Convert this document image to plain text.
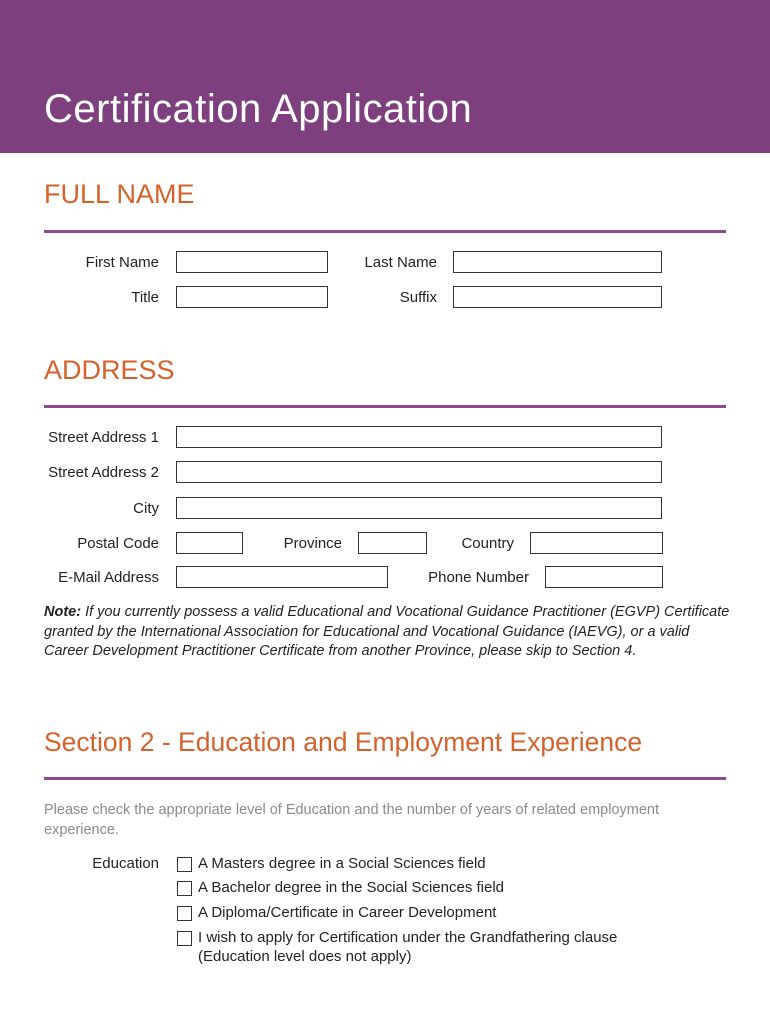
Certification Application
FULL NAME
First Name	Last Name
Title	Suffix
ADDRESS
Street Address 1
Street Address 2
City
Postal Code	Province	Country
E-Mail Address	Phone Number
Note: If you currently possess a valid Educational and Vocational Guidance Practitioner (EGVP) Certificate granted by the International Association for Educational and Vocational Guidance (IAEVG), or a valid Career Development Practitioner Certificate from another Province, please skip to Section 4.
Section 2 - Education and Employment Experience
Please check the appropriate level of Education and the number of years of related employment experience.
Education	A Masters degree in a Social Sciences field
A Bachelor degree in the Social Sciences field
A Diploma/Certificate in Career Development
I wish to apply for Certification under the Grandfathering clause (Education level does not apply)
